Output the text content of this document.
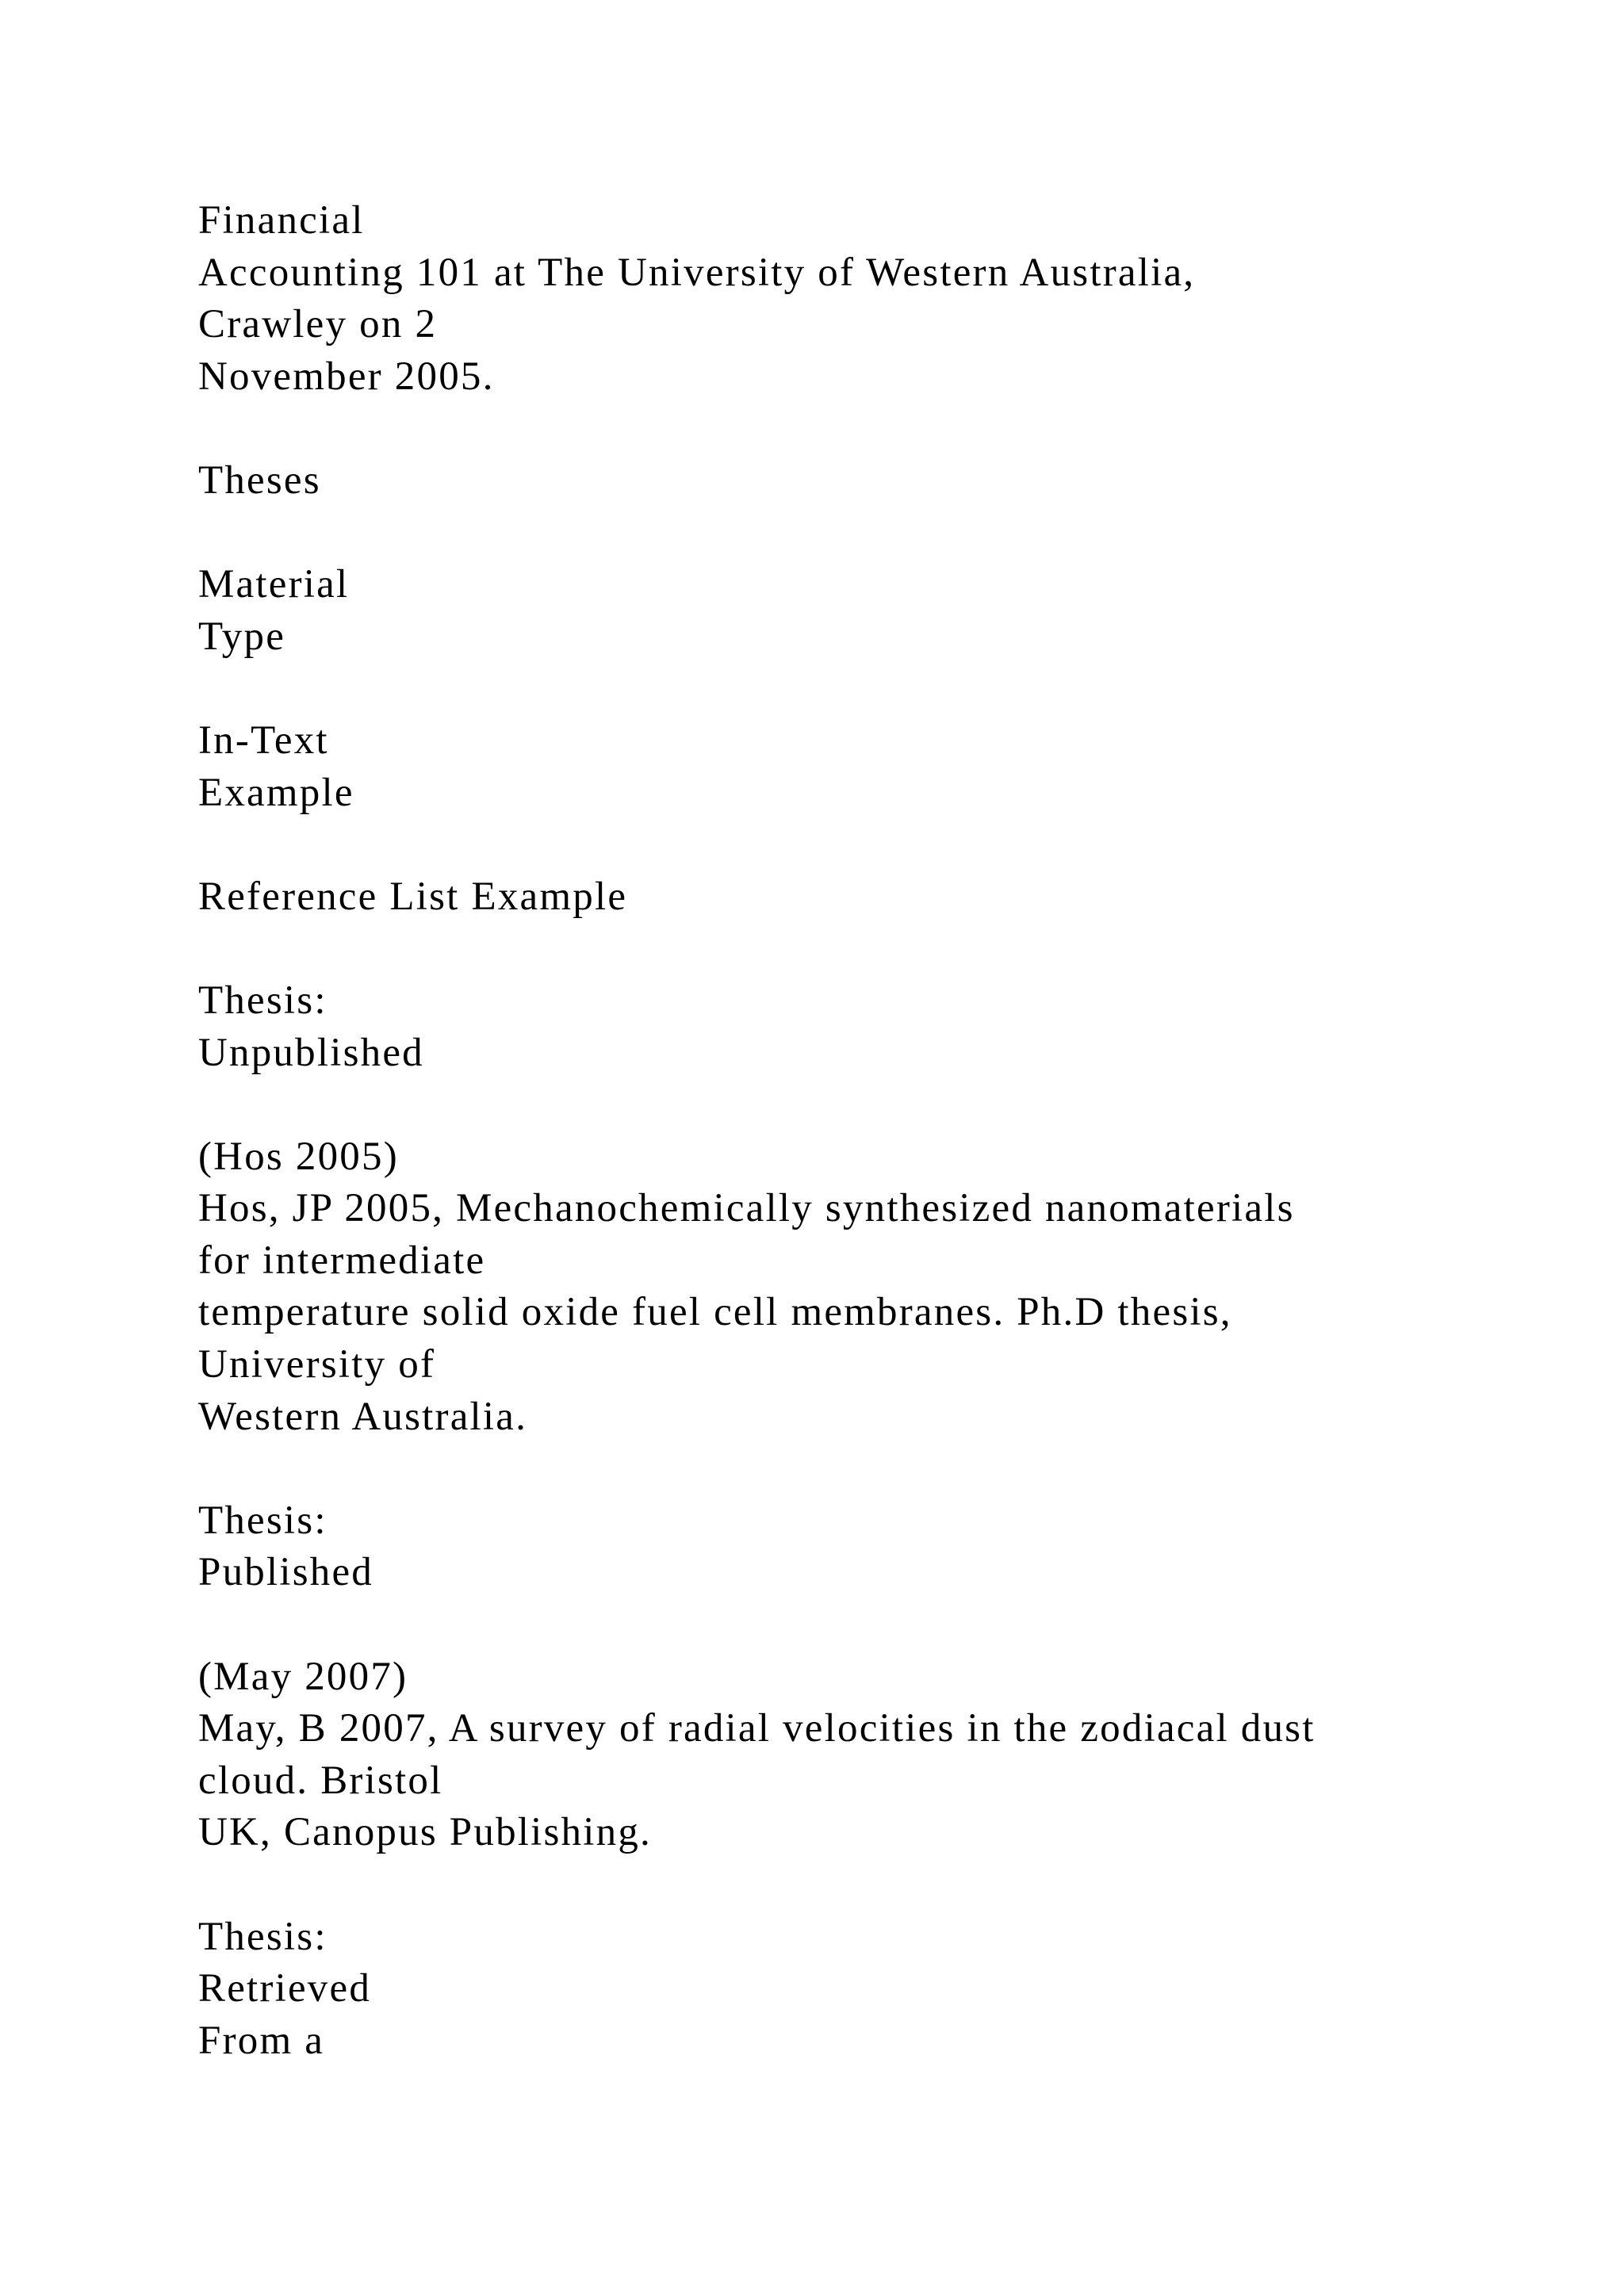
Financial
Accounting 101 at The University of Western Australia,
Crawley on 2
November 2005.
Theses
Material
Type
In-Text
Example
Reference List Example
Thesis:
Unpublished
(Hos 2005)
Hos, JP 2005, Mechanochemically synthesized nanomaterials
for intermediate
temperature solid oxide fuel cell membranes. Ph.D thesis,
University of
Western Australia.
Thesis:
Published
(May 2007)
May, B 2007, A survey of radial velocities in the zodiacal dust
cloud. Bristol
UK, Canopus Publishing.
Thesis:
Retrieved
From a
